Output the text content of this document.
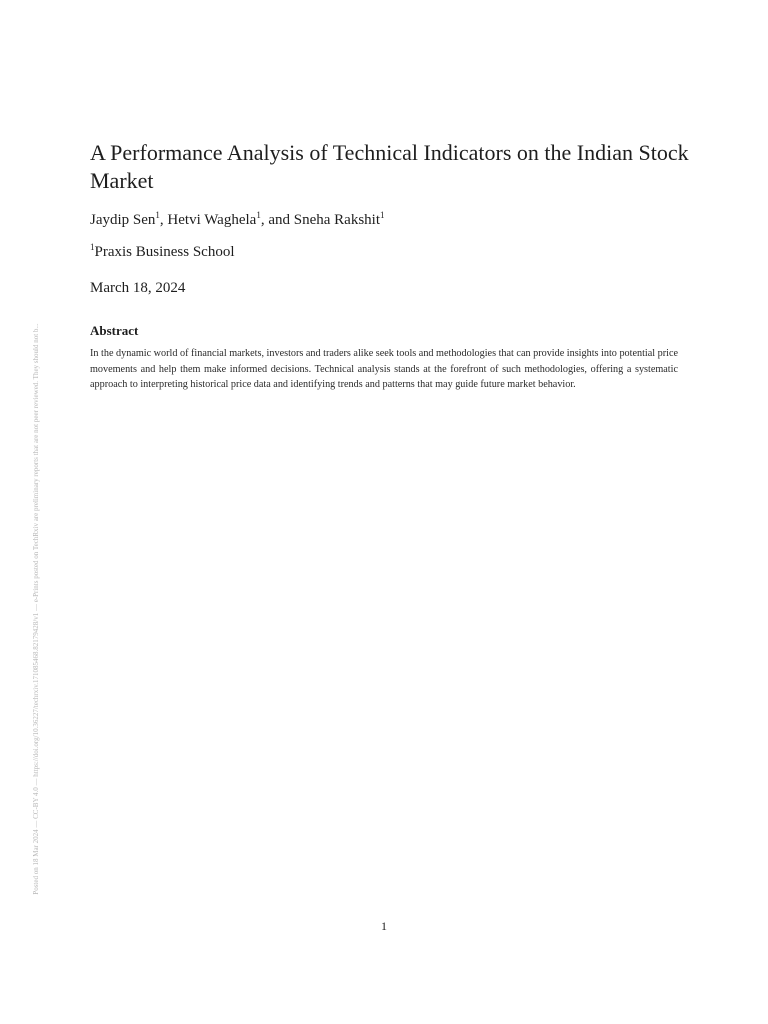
Posted on 18 Mar 2024 — CC-BY 4.0 — https://doi.org/10.36227/techrxiv.171085468.82179428/v1 — e-Prints posted on TechRxiv are preliminary reports that are not peer reviewed. They should not b...
A Performance Analysis of Technical Indicators on the Indian Stock Market
Jaydip Sen$^1$, Hetvi Waghela$^1$, and Sneha Rakshit$^1$
$^1$Praxis Business School
March 18, 2024
Abstract

In the dynamic world of financial markets, investors and traders alike seek tools and methodologies that can provide insights into potential price movements and help them make informed decisions. Technical analysis stands at the forefront of such methodologies, offering a systematic approach to interpreting historical price data and identifying trends and patterns that may guide future market behavior.

1
